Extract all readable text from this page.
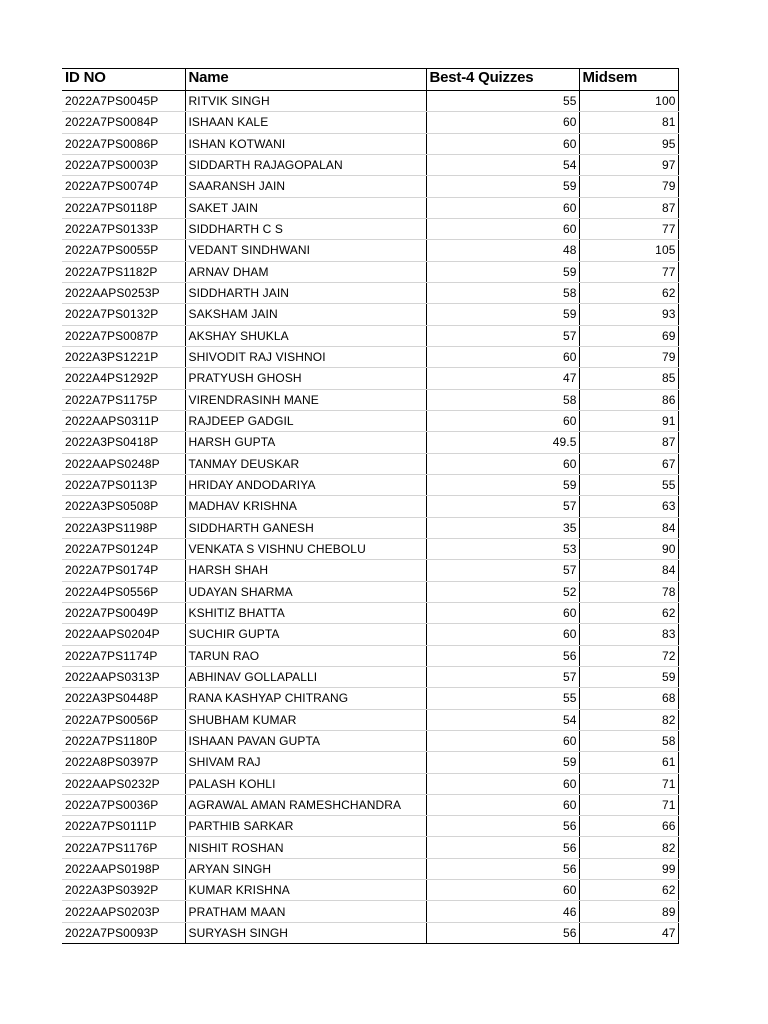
ID NO	Name	Best-4 Quizzes	Midsem
2022A7PS0045P	RITVIK SINGH	55	100
2022A7PS0084P	ISHAAN KALE	60	81
2022A7PS0086P	ISHAN KOTWANI	60	95
2022A7PS0003P	SIDDARTH RAJAGOPALAN	54	97
2022A7PS0074P	SAARANSH JAIN	59	79
2022A7PS0118P	SAKET JAIN	60	87
2022A7PS0133P	SIDDHARTH C S	60	77
2022A7PS0055P	VEDANT SINDHWANI	48	105
2022A7PS1182P	ARNAV DHAM	59	77
2022AAPS0253P	SIDDHARTH JAIN	58	62
2022A7PS0132P	SAKSHAM JAIN	59	93
2022A7PS0087P	AKSHAY SHUKLA	57	69
2022A3PS1221P	SHIVODIT RAJ VISHNOI	60	79
2022A4PS1292P	PRATYUSH GHOSH	47	85
2022A7PS1175P	VIRENDRASINH MANE	58	86
2022AAPS0311P	RAJDEEP GADGIL	60	91
2022A3PS0418P	HARSH GUPTA	49.5	87
2022AAPS0248P	TANMAY DEUSKAR	60	67
2022A7PS0113P	HRIDAY ANDODARIYA	59	55
2022A3PS0508P	MADHAV KRISHNA	57	63
2022A3PS1198P	SIDDHARTH GANESH	35	84
2022A7PS0124P	VENKATA S VISHNU CHEBOLU	53	90
2022A7PS0174P	HARSH SHAH	57	84
2022A4PS0556P	UDAYAN SHARMA	52	78
2022A7PS0049P	KSHITIZ BHATTA	60	62
2022AAPS0204P	SUCHIR GUPTA	60	83
2022A7PS1174P	TARUN RAO	56	72
2022AAPS0313P	ABHINAV GOLLAPALLI	57	59
2022A3PS0448P	RANA KASHYAP CHITRANG	55	68
2022A7PS0056P	SHUBHAM KUMAR	54	82
2022A7PS1180P	ISHAAN PAVAN GUPTA	60	58
2022A8PS0397P	SHIVAM RAJ	59	61
2022AAPS0232P	PALASH KOHLI	60	71
2022A7PS0036P	AGRAWAL AMAN RAMESHCHANDRA	60	71
2022A7PS0111P	PARTHIB SARKAR	56	66
2022A7PS1176P	NISHIT ROSHAN	56	82
2022AAPS0198P	ARYAN SINGH	56	99
2022A3PS0392P	KUMAR KRISHNA	60	62
2022AAPS0203P	PRATHAM MAAN	46	89
2022A7PS0093P	SURYASH SINGH	56	47
